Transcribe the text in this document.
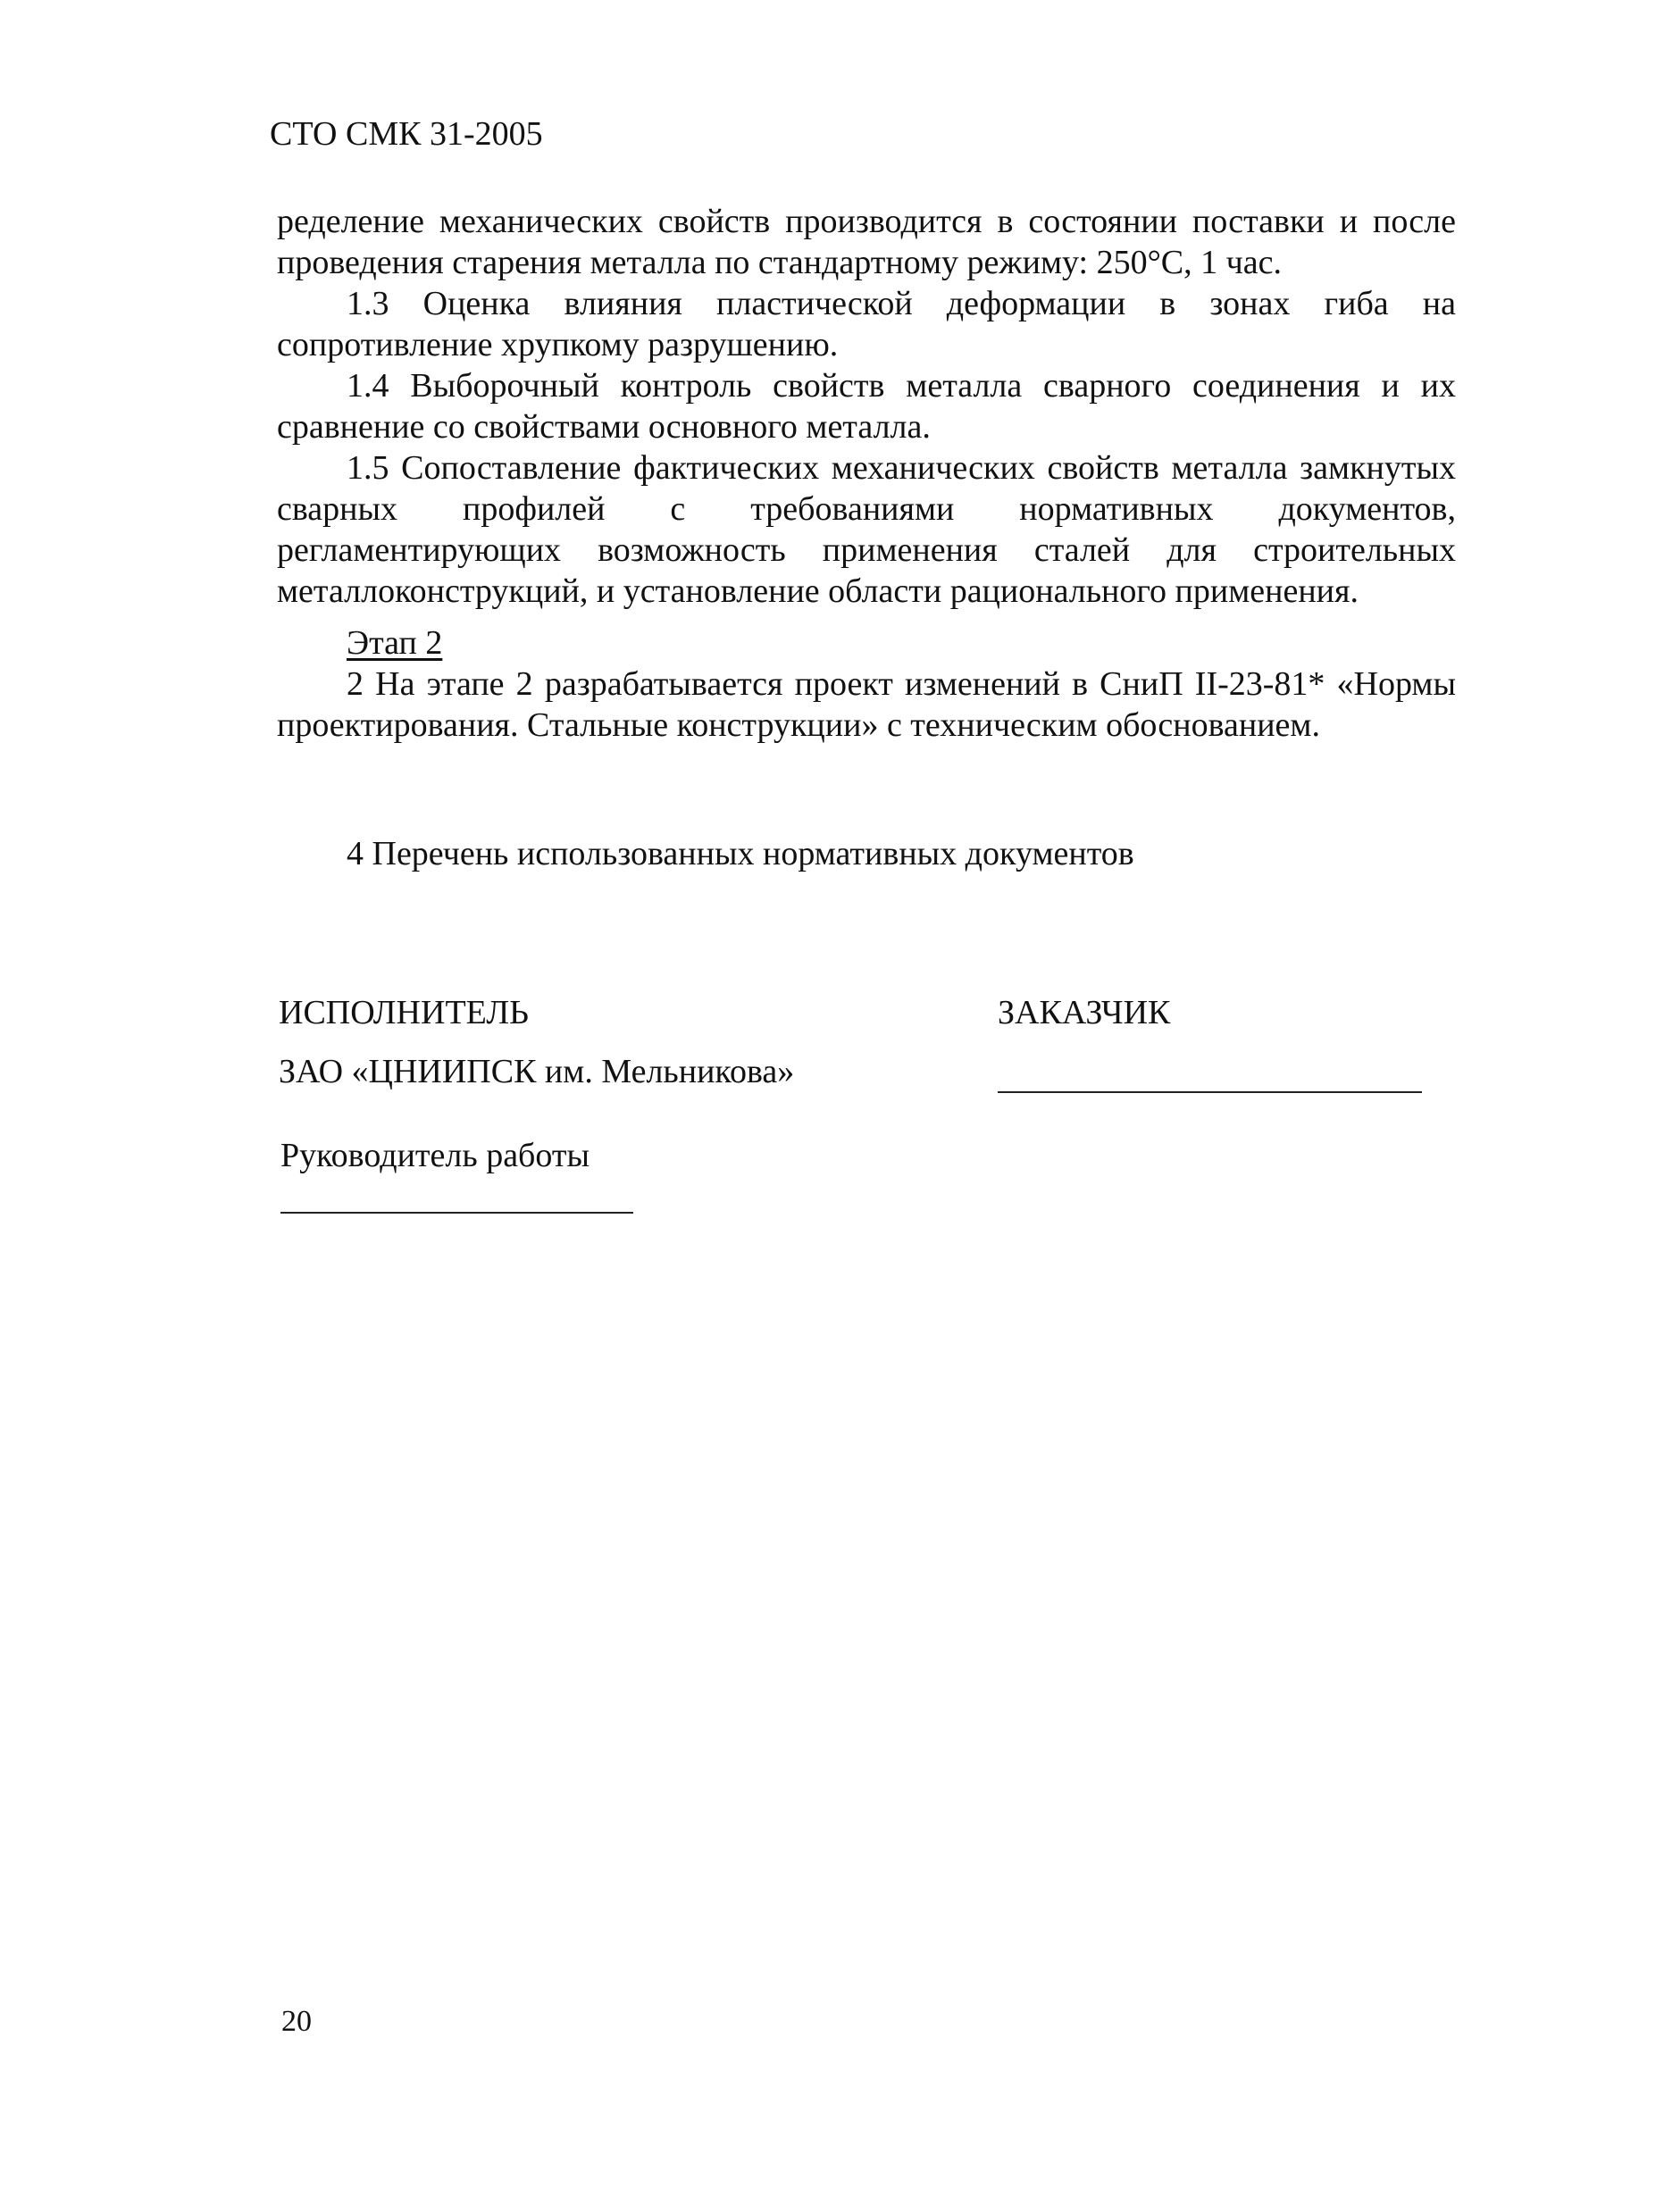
СТО СМК 31-2005

ределение механических свойств производится в состоянии поставки и после проведения старения металла по стандартному режиму: 250°С, 1 час.

1.3 Оценка влияния пластической деформации в зонах гиба на сопротивление хрупкому разрушению.

1.4 Выборочный контроль свойств металла сварного соединения и их сравнение со свойствами основного металла.

1.5 Сопоставление фактических механических свойств металла замкнутых сварных профилей с требованиями нормативных документов, регламентирующих возможность применения сталей для строительных металлоконструкций, и установление области рационального применения.

Этап 2

2 На этапе 2 разрабатывается проект изменений в СниП II-23-81* «Нормы проектирования. Стальные конструкции» с техническим обоснованием.

4 Перечень использованных нормативных документов
ИСПОЛНИТЕЛЬ	ЗАКАЗЧИК
ЗАО «ЦНИИПСК им. Мельникова»
Руководитель работы
20
